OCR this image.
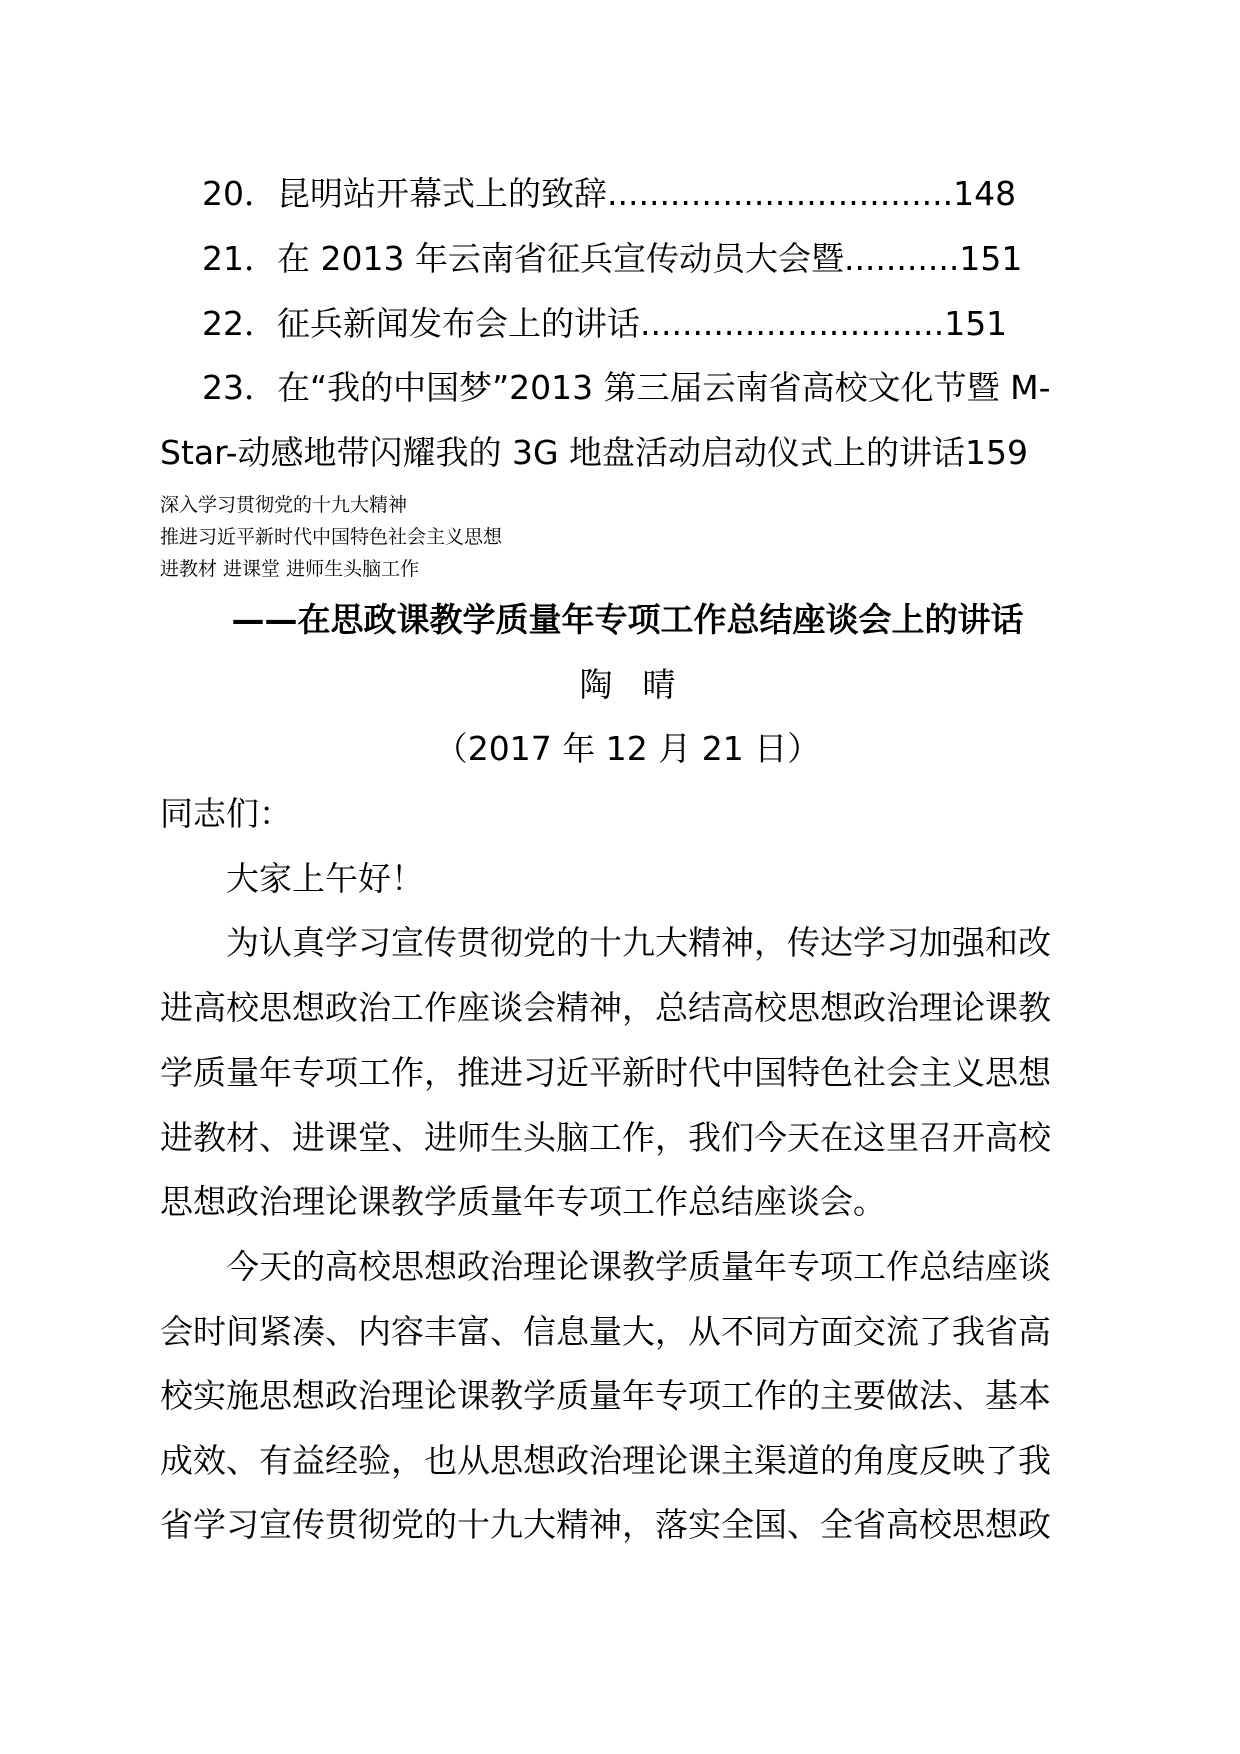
20．昆明站开幕式上的致辞.................................148
21．在 2013 年云南省征兵宣传动员大会暨...........151
22．征兵新闻发布会上的讲话.............................151
23．在“我的中国梦”2013 第三届云南省高校文化节暨 M-
Star-动感地带闪耀我的 3G 地盘活动启动仪式上的讲话159
深入学习贯彻党的十九大精神
推进习近平新时代中国特色社会主义思想
进教材 进课堂 进师生头脑工作
——在思政课教学质量年专项工作总结座谈会上的讲话
陶晴
（2017 年 12 月 21 日）
同志们：
大家上午好！
为认真学习宣传贯彻党的十九大精神，传达学习加强和改
进高校思想政治工作座谈会精神，总结高校思想政治理论课教
学质量年专项工作，推进习近平新时代中国特色社会主义思想
进教材、进课堂、进师生头脑工作，我们今天在这里召开高校
思想政治理论课教学质量年专项工作总结座谈会。
今天的高校思想政治理论课教学质量年专项工作总结座谈
会时间紧凑、内容丰富、信息量大，从不同方面交流了我省高
校实施思想政治理论课教学质量年专项工作的主要做法、基本
成效、有益经验，也从思想政治理论课主渠道的角度反映了我
省学习宣传贯彻党的十九大精神，落实全国、全省高校思想政
